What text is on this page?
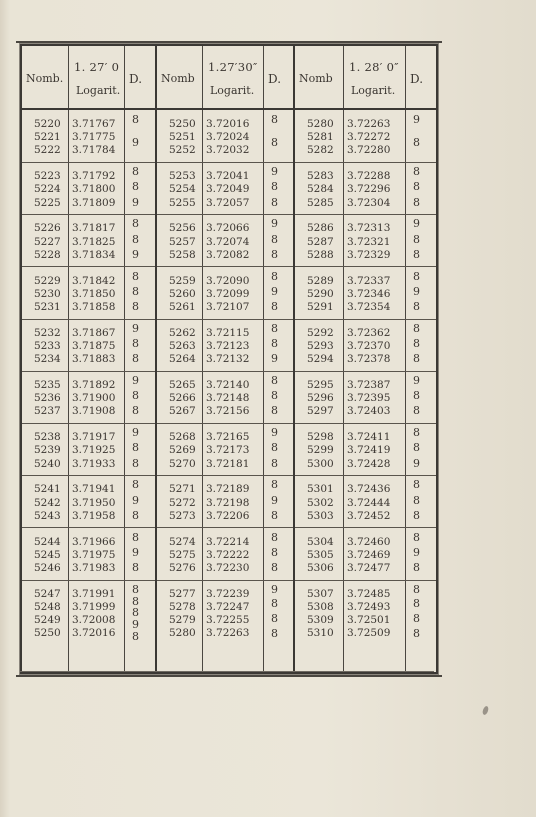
Nomb.
1. 27′ 0
Logarit.
D.
5220 3.71767
5221 3.71775
5222 3.71784
8
9
5223 3.71792
5224 3.71800
5225 3.71809
8
8
9
5226 3.71817
5227 3.71825
5228 3.71834
8
8
9
5229 3.71842
5230 3.71850
5231 3.71858
8
8
8
5232 3.71867
5233 3.71875
5234 3.71883
9
8
8
5235 3.71892
5236 3.71900
5237 3.71908
9
8
8
5238 3.71917
5239 3.71925
5240 3.71933
9
8
8
5241 3.71941
5242 3.71950
5243 3.71958
8
9
8
5244 3.71966
5245 3.71975
5246 3.71983
8
9
8
5247 3.71991
5248 3.71999
5249 3.72008
5250 3.72016
8
8
8
9
8
Nomb
1.27′30″
Logarit.
D.
5250 3.72016
5251 3.72024
5252 3.72032
8
8
5253 3.72041
5254 3.72049
5255 3.72057
9
8
8
5256 3.72066
5257 3.72074
5258 3.72082
9
8
8
5259 3.72090
5260 3.72099
5261 3.72107
8
9
8
5262 3.72115
5263 3.72123
5264 3.72132
8
8
9
5265 3.72140
5266 3.72148
5267 3.72156
8
8
8
5268 3.72165
5269 3.72173
5270 3.72181
9
8
8
5271 3.72189
5272 3.72198
5273 3.72206
8
9
8
5274 3.72214
5275 3.72222
5276 3.72230
8
8
8
5277 3.72239
5278 3.72247
5279 3.72255
5280 3.72263
9
8
8
8
Nomb
1. 28′ 0″
Logarit.
D.
5280 3.72263
5281 3.72272
5282 3.72280
9
8
5283 3.72288
5284 3.72296
5285 3.72304
8
8
8
5286 3.72313
5287 3.72321
5288 3.72329
9
8
8
5289 3.72337
5290 3.72346
5291 3.72354
8
9
8
5292 3.72362
5293 3.72370
5294 3.72378
8
8
8
5295 3.72387
5296 3.72395
5297 3.72403
9
8
8
5298 3.72411
5299 3.72419
5300 3.72428
8
8
9
5301 3.72436
5302 3.72444
5303 3.72452
8
8
8
5304 3.72460
5305 3.72469
5306 3.72477
8
9
8
5307 3.72485
5308 3.72493
5309 3.72501
5310 3.72509
8
8
8
8
